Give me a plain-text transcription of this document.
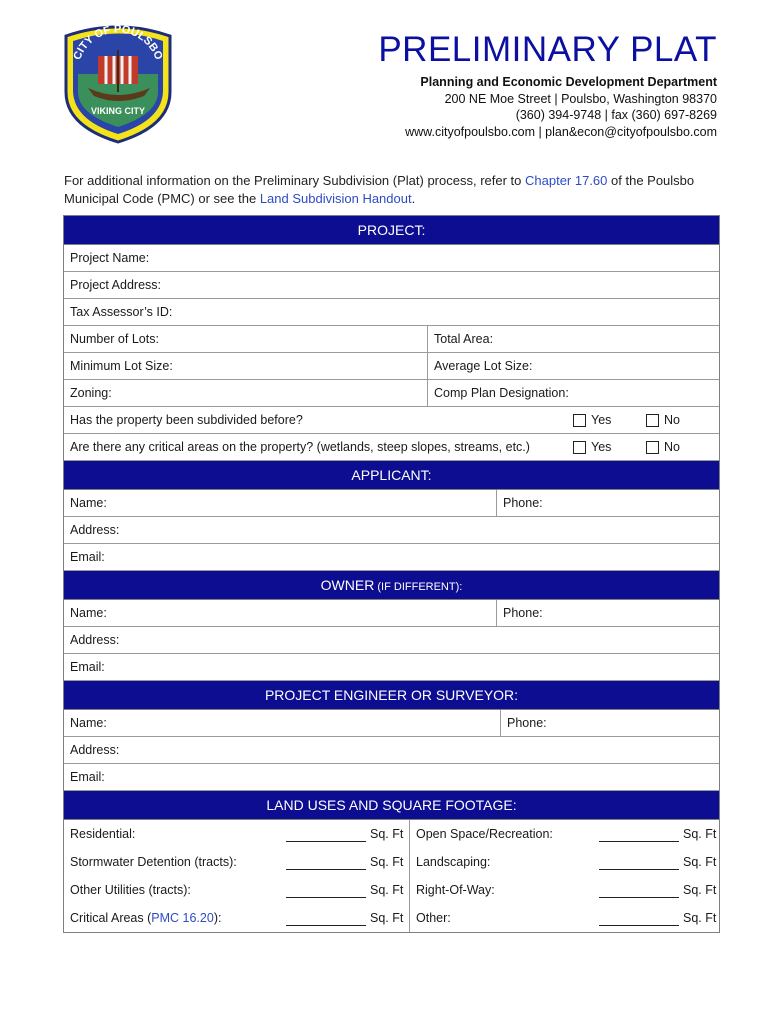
CITY OF POULSBO
VIKING CITY
PRELIMINARY PLAT
Planning and Economic Development Department
200 NE Moe Street | Poulsbo, Washington 98370
(360) 394-9748 | fax (360) 697-8269
www.cityofpoulsbo.com | plan&econ@cityofpoulsbo.com
For additional information on the Preliminary Subdivision (Plat) process, refer to Chapter 17.60 of the Poulsbo Municipal Code (PMC) or see the Land Subdivision Handout.
PROJECT:
Project Name:
Project Address:
Tax Assessor’s ID:
Number of Lots:	Total Area:
Minimum Lot Size:	Average Lot Size:
Zoning:	Comp Plan Designation:
Has the property been subdivided before?	Yes	No
Are there any critical areas on the property? (wetlands, steep slopes, streams, etc.)	Yes	No
APPLICANT:
Name:	Phone:
Address:
Email:
OWNER (IF DIFFERENT):
Name:	Phone:
Address:
Email:
PROJECT ENGINEER OR SURVEYOR:
Name:	Phone:
Address:
Email:
LAND USES AND SQUARE FOOTAGE:
Residential:	Sq. Ft	Open Space/Recreation:	Sq. Ft
Stormwater Detention (tracts):	Sq. Ft	Landscaping:	Sq. Ft
Other Utilities (tracts):	Sq. Ft	Right-Of-Way:	Sq. Ft
Critical Areas (PMC 16.20):	Sq. Ft	Other:	Sq. Ft
